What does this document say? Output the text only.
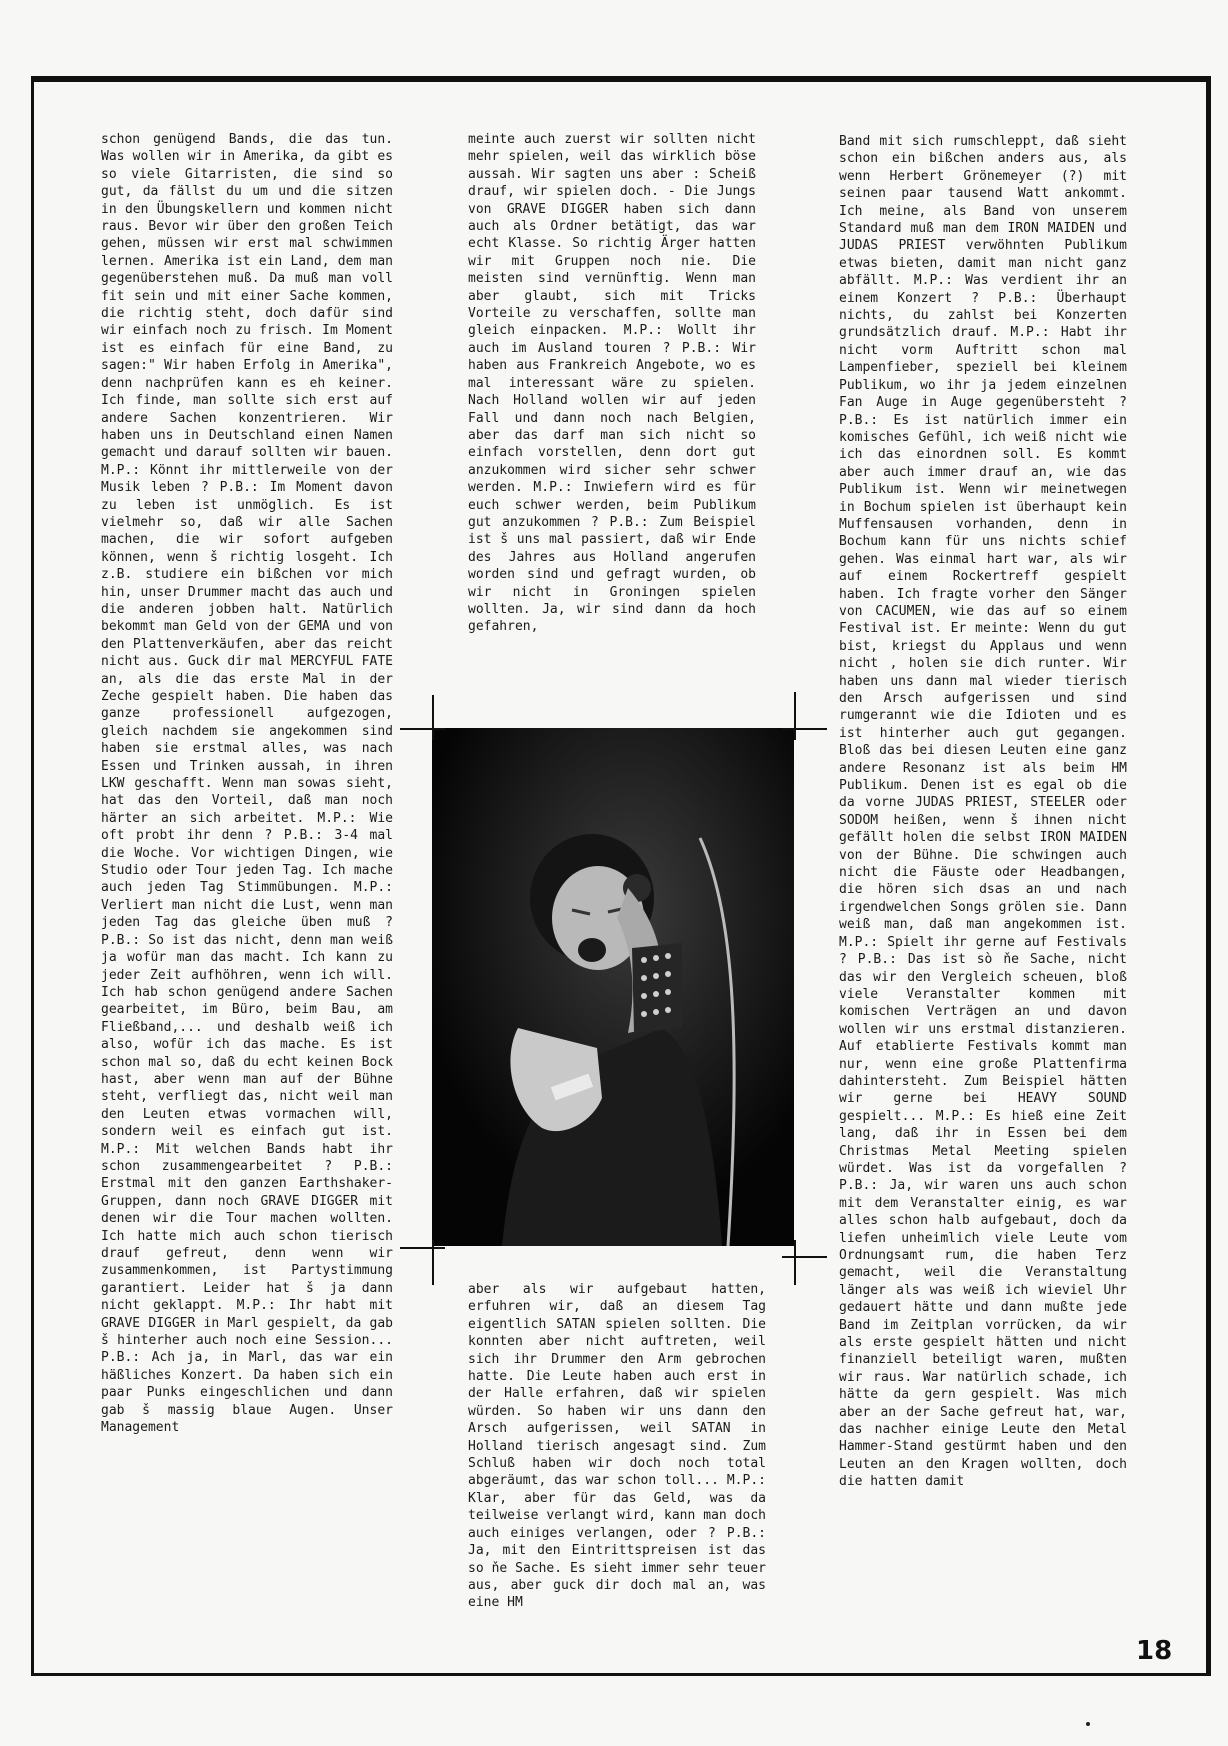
schon genügend Bands, die das tun. Was wollen wir in Amerika, da gibt es so viele Gitarristen, die sind so gut, da fällst du um und die sitzen in den Übungskellern und kommen nicht raus. Bevor wir über den großen Teich gehen, müssen wir erst mal schwimmen lernen. Amerika ist ein Land, dem man gegenüberstehen muß. Da muß man voll fit sein und mit einer Sache kommen, die richtig steht, doch dafür sind wir einfach noch zu frisch. Im Moment ist es einfach für eine Band, zu sagen:" Wir haben Erfolg in Amerika", denn nachprüfen kann es eh keiner. Ich finde, man sollte sich erst auf andere Sachen konzentrieren. Wir haben uns in Deutschland einen Namen gemacht und darauf sollten wir bauen. M.P.: Könnt ihr mittlerweile von der Musik leben ? P.B.: Im Moment davon zu leben ist unmöglich. Es ist vielmehr so, daß wir alle Sachen machen, die wir sofort aufgeben können, wenn š richtig losgeht. Ich z.B. studiere ein bißchen vor mich hin, unser Drummer macht das auch und die anderen jobben halt. Natürlich bekommt man Geld von der GEMA und von den Plattenverkäufen, aber das reicht nicht aus. Guck dir mal MERCYFUL FATE an, als die das erste Mal in der Zeche gespielt haben. Die haben das ganze professionell aufgezogen, gleich nachdem sie angekommen sind haben sie erstmal alles, was nach Essen und Trinken aussah, in ihren LKW geschafft. Wenn man sowas sieht, hat das den Vorteil, daß man noch härter an sich arbeitet. M.P.: Wie oft probt ihr denn ? P.B.: 3-4 mal die Woche. Vor wichtigen Dingen, wie Studio oder Tour jeden Tag. Ich mache auch jeden Tag Stimmübungen. M.P.: Verliert man nicht die Lust, wenn man jeden Tag das gleiche üben muß ? P.B.: So ist das nicht, denn man weiß ja wofür man das macht. Ich kann zu jeder Zeit aufhöhren, wenn ich will. Ich hab schon genügend andere Sachen gearbeitet, im Büro, beim Bau, am Fließband,... und deshalb weiß ich also, wofür ich das mache. Es ist schon mal so, daß du echt keinen Bock hast, aber wenn man auf der Bühne steht, verfliegt das, nicht weil man den Leuten etwas vormachen will, sondern weil es einfach gut ist. M.P.: Mit welchen Bands habt ihr schon zusammengearbeitet ? P.B.: Erstmal mit den ganzen Earthshaker-Gruppen, dann noch GRAVE DIGGER mit denen wir die Tour machen wollten. Ich hatte mich auch schon tierisch drauf gefreut, denn wenn wir zusammenkommen, ist Partystimmung garantiert. Leider hat š ja dann nicht geklappt. M.P.: Ihr habt mit GRAVE DIGGER in Marl gespielt, da gab š hinterher auch noch eine Session... P.B.: Ach ja, in Marl, das war ein häßliches Konzert. Da haben sich ein paar Punks eingeschlichen und dann gab š massig blaue Augen. Unser Management

meinte auch zuerst wir sollten nicht mehr spielen, weil das wirklich böse aussah. Wir sagten uns aber : Scheiß drauf, wir spielen doch. - Die Jungs von GRAVE DIGGER haben sich dann auch als Ordner betätigt, das war echt Klasse. So richtig Ärger hatten wir mit Gruppen noch nie. Die meisten sind vernünftig. Wenn man aber glaubt, sich mit Tricks Vorteile zu verschaffen, sollte man gleich einpacken. M.P.: Wollt ihr auch im Ausland touren ? P.B.: Wir haben aus Frankreich Angebote, wo es mal interessant wäre zu spielen. Nach Holland wollen wir auf jeden Fall und dann noch nach Belgien, aber das darf man sich nicht so einfach vorstellen, denn dort gut anzukommen wird sicher sehr schwer werden. M.P.: Inwiefern wird es für euch schwer werden, beim Publikum gut anzukommen ? P.B.: Zum Beispiel ist š uns mal passiert, daß wir Ende des Jahres aus Holland angerufen worden sind und gefragt wurden, ob wir nicht in Groningen spielen wollten. Ja, wir sind dann da hoch gefahren,

aber als wir aufgebaut hatten, erfuhren wir, daß an diesem Tag eigentlich SATAN spielen sollten. Die konnten aber nicht auftreten, weil sich ihr Drummer den Arm gebrochen hatte. Die Leute haben auch erst in der Halle erfahren, daß wir spielen würden. So haben wir uns dann den Arsch aufgerissen, weil SATAN in Holland tierisch angesagt sind. Zum Schluß haben wir doch noch total abgeräumt, das war schon toll... M.P.: Klar, aber für das Geld, was da teilweise verlangt wird, kann man doch auch einiges verlangen, oder ? P.B.: Ja, mit den Eintrittspreisen ist das so ňe Sache. Es sieht immer sehr teuer aus, aber guck dir doch mal an, was eine HM

Band mit sich rumschleppt, daß sieht schon ein bißchen anders aus, als wenn Herbert Grönemeyer (?) mit seinen paar tausend Watt ankommt. Ich meine, als Band von unserem Standard muß man dem IRON MAIDEN und JUDAS PRIEST verwöhnten Publikum etwas bieten, damit man nicht ganz abfällt. M.P.: Was verdient ihr an einem Konzert ? P.B.: Überhaupt nichts, du zahlst bei Konzerten grundsätzlich drauf. M.P.: Habt ihr nicht vorm Auftritt schon mal Lampenfieber, speziell bei kleinem Publikum, wo ihr ja jedem einzelnen Fan Auge in Auge gegenübersteht ? P.B.: Es ist natürlich immer ein komisches Gefühl, ich weiß nicht wie ich das einordnen soll. Es kommt aber auch immer drauf an, wie das Publikum ist. Wenn wir meinetwegen in Bochum spielen ist überhaupt kein Muffensausen vorhanden, denn in Bochum kann für uns nichts schief gehen. Was einmal hart war, als wir auf einem Rockertreff gespielt haben. Ich fragte vorher den Sänger von CACUMEN, wie das auf so einem Festival ist. Er meinte: Wenn du gut bist, kriegst du Applaus und wenn nicht , holen sie dich runter. Wir haben uns dann mal wieder tierisch den Arsch aufgerissen und sind rumgerannt wie die Idioten und es ist hinterher auch gut gegangen. Bloß das bei diesen Leuten eine ganz andere Resonanz ist als beim HM Publikum. Denen ist es egal ob die da vorne JUDAS PRIEST, STEELER oder SODOM heißen, wenn š ihnen nicht gefällt holen die selbst IRON MAIDEN von der Bühne. Die schwingen auch nicht die Fäuste oder Headbangen, die hören sich dsas an und nach irgendwelchen Songs grölen sie. Dann weiß man, daß man angekommen ist. M.P.: Spielt ihr gerne auf Festivals ? P.B.: Das ist sò ňe Sache, nicht das wir den Vergleich scheuen, bloß viele Veranstalter kommen mit komischen Verträgen an und davon wollen wir uns erstmal distanzieren. Auf etablierte Festivals kommt man nur, wenn eine große Plattenfirma dahintersteht. Zum Beispiel hätten wir gerne bei HEAVY SOUND gespielt... M.P.: Es hieß eine Zeit lang, daß ihr in Essen bei dem Christmas Metal Meeting spielen würdet. Was ist da vorgefallen ? P.B.: Ja, wir waren uns auch schon mit dem Veranstalter einig, es war alles schon halb aufgebaut, doch da liefen unheimlich viele Leute vom Ordnungsamt rum, die haben Terz gemacht, weil die Veranstaltung länger als was weiß ich wieviel Uhr gedauert hätte und dann mußte jede Band im Zeitplan vorrücken, da wir als erste gespielt hätten und nicht finanziell beteiligt waren, mußten wir raus. War natürlich schade, ich hätte da gern gespielt. Was mich aber an der Sache gefreut hat, war, das nachher einige Leute den Metal Hammer-Stand gestürmt haben und den Leuten an den Kragen wollten, doch die hatten damit

18
